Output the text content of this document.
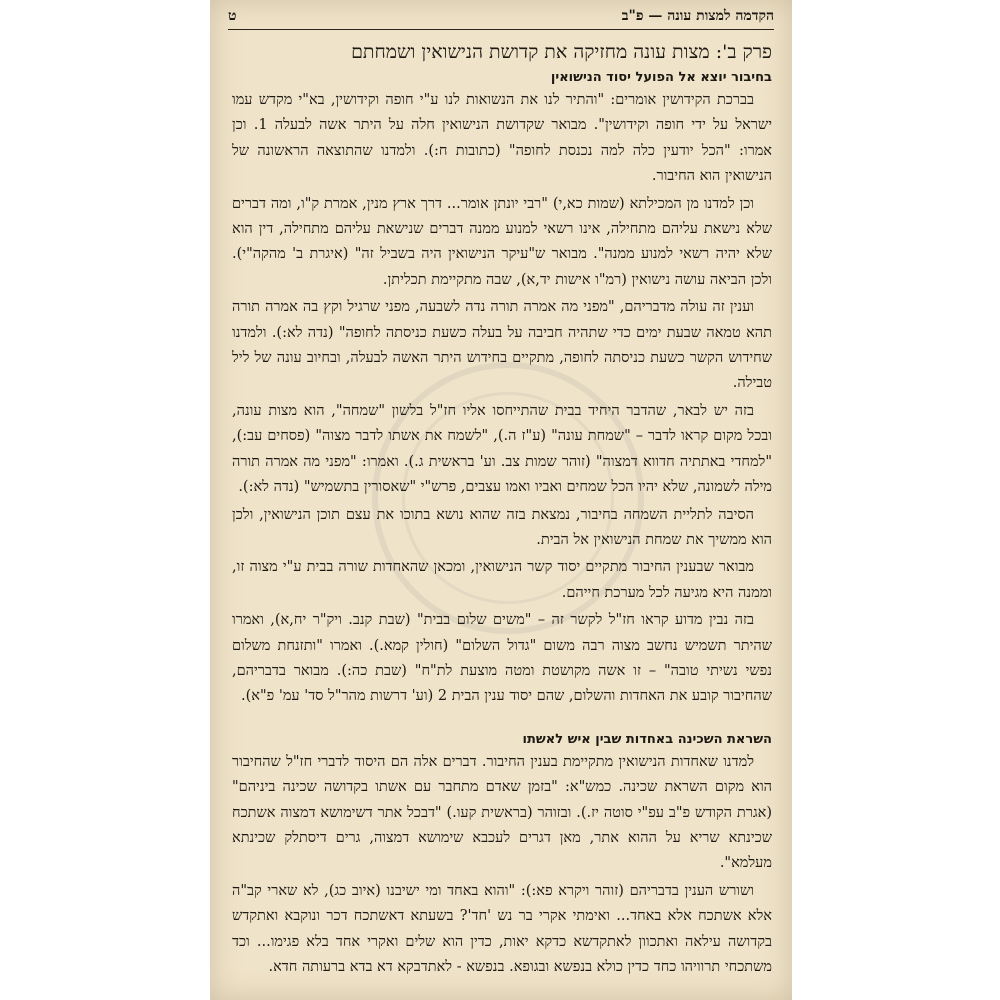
הקדמה למצות עונה — פ"ב
ט
פרק ב': מצות עונה מחזיקה את קדושת הנישואין ושמחתם
בחיבור יוצא אל הפועל יסוד הנישואין

בברכת הקידושין אומרים: "והתיר לנו את הנשואות לנו ע"י חופה וקידושין, בא"י מקדש עמו ישראל על ידי חופה וקידושין". מבואר שקדושת הנישואין חלה על היתר אשה לבעלה 1. וכן אמרו: "הכל יודעין כלה למה נכנסת לחופה" (כתובות ח:). ולמדנו שהתוצאה הראשונה של הנישואין הוא החיבור.

וכן למדנו מן המכילתא (שמות כא,י) "רבי יונתן אומר... דרך ארץ מנין, אמרת ק"ו, ומה דברים שלא נישאת עליהם מתחילה, אינו רשאי למנוע ממנה דברים שנישאת עליהם מתחילה, דין הוא שלא יהיה רשאי למנוע ממנה". מבואר ש"עיקר הנישואין היה בשביל זה" (איגרת ב' מהקה"י). ולכן הביאה עושה נישואין (רמ"ו אישות יד,א), שבה מתקיימת תכליתן.

וענין זה עולה מדבריהם, "מפני מה אמרה תורה נדה לשבעה, מפני שרגיל וקץ בה אמרה תורה תהא טמאה שבעת ימים כדי שתהיה חביבה על בעלה כשעת כניסתה לחופה" (נדה לא:). ולמדנו שחידוש הקשר כשעת כניסתה לחופה, מתקיים בחידוש היתר האשה לבעלה, ובחיוב עונה של ליל טבילה.

בזה יש לבאר, שהדבר היחיד בבית שהתייחסו אליו חז"ל בלשון "שמחה", הוא מצות עונה, ובכל מקום קראו לדבר – "שמחת עונה" (ע"ז ה.), "לשמח את אשתו לדבר מצוה" (פסחים עב:), "למחדי באתתיה חדווא דמצוה" (זוהר שמות צב. וע' בראשית ג.). ואמרו: "מפני מה אמרה תורה מילה לשמונה, שלא יהיו הכל שמחים ואביו ואמו עצבים, פרש"י "שאסורין בתשמיש" (נדה לא:).

הסיבה לתליית השמחה בחיבור, נמצאת בזה שהוא נושא בתוכו את עצם תוכן הנישואין, ולכן הוא ממשיך את שמחת הנישואין אל הבית.

מבואר שבענין החיבור מתקיים יסוד קשר הנישואין, ומכאן שהאחדות שורה בבית ע"י מצוה זו, וממנה היא מגיעה לכל מערכת חייהם.

בזה נבין מדוע קראו חז"ל לקשר זה – "משים שלום בבית" (שבת קנב. ויק"ר יח,א), ואמרו שהיתר תשמיש נחשב מצוה רבה משום "גדול השלום" (חולין קמא.). ואמרו "ותזנחת משלום נפשי נשיתי טובה" – זו אשה מקושטת ומטה מוצעת לת"ח" (שבת כה:). מבואר בדבריהם, שהחיבור קובע את האחדות והשלום, שהם יסוד ענין הבית 2 (וע' דרשות מהר"ל סד' עמ' פ"א).

השראת השכינה באחדות שבין איש לאשתו

למדנו שאחדות הנישואין מתקיימת בענין החיבור. דברים אלה הם היסוד לדברי חז"ל שהחיבור הוא מקום השראת שכינה. כמש"א: "בזמן שאדם מתחבר עם אשתו בקדושה שכינה ביניהם" (אגרת הקודש פ"ב עפ"י סוטה יז.). ובזוהר (בראשית קעו.) "דבכל אתר דשימושא דמצוה אשתכח שכינתא שריא על ההוא אתר, מאן דגרים לעכבא שימושא דמצוה, גרים דיסתלק שכינתא מעלמא".

ושורש הענין בדבריהם (זוהר ויקרא פא:): "והוא באחד ומי ישיבנו (איוב כג), לא שארי קב"ה אלא אשתכח אלא באחד... ואימתי אקרי בר נש 'חד'? בשעתא דאשתכח דכר ונוקבא ואתקדש בקדושה עילאה ואתכוון לאתקדשא כדקא יאות, כדין הוא שלים ואקרי אחד בלא פגימו... וכד משתכחי תרוויהו כחד כדין כולא בנפשא ובגופא. בנפשא - לאתדבקא דא בדא ברעותה חדא.
